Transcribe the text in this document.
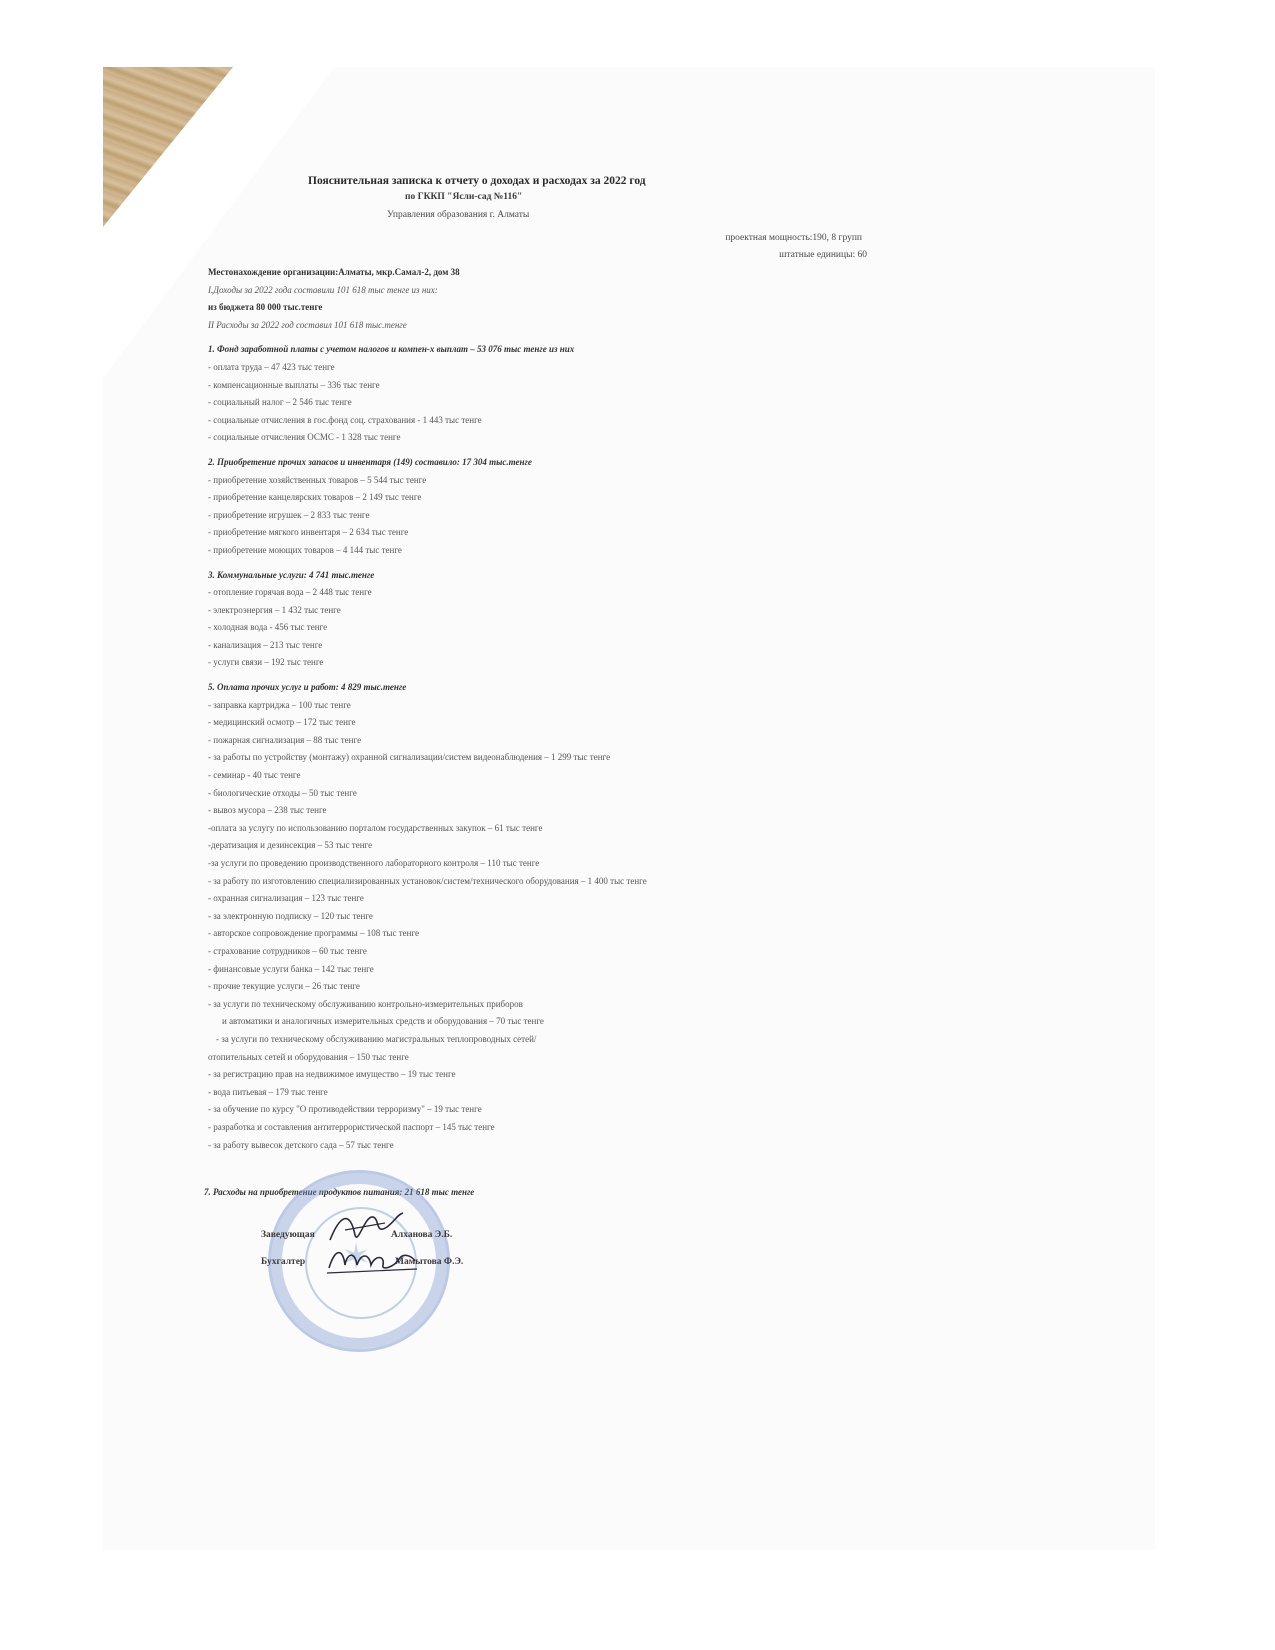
Пояснительная записка к отчету о доходах и расходах за 2022 год
по ГККП "Ясли-сад №116"
Управления образования г. Алматы
проектная мощность:190, 8 групп
штатные единицы: 60
Местонахождение организации:Алматы, мкр.Самал-2, дом 38
I.Доходы за 2022 года составили 101 618 тыс тенге из них:
из бюджета 80 000 тыс.тенге
II Расходы за 2022 год составил 101 618 тыс.тенге
1. Фонд заработной платы с учетом налогов и компен-х выплат – 53 076 тыс тенге из них
- оплата труда – 47 423 тыс тенге
- компенсационные выплаты – 336 тыс тенге
- социальный налог – 2 546 тыс тенге
- социальные отчисления в гос.фонд соц. страхования - 1 443 тыс тенге
- социальные отчисления ОСМС - 1 328 тыс тенге
2. Приобретение прочих запасов и инвентаря (149) составило: 17 304 тыс.тенге
- приобретение хозяйственных товаров – 5 544 тыс тенге
- приобретение канцелярских товаров – 2 149 тыс тенге
- приобретение игрушек – 2 833 тыс тенге
- приобретение мягкого инвентаря – 2 634 тыс тенге
- приобретение моющих товаров – 4 144 тыс тенге
3. Коммунальные услуги: 4 741 тыс.тенге
- отопление горячая вода – 2 448 тыс тенге
- электроэнергия – 1 432 тыс тенге
- холодная вода - 456 тыс тенге
- канализация – 213 тыс тенге
- услуги связи – 192 тыс тенге
5. Оплата прочих услуг и работ: 4 829 тыс.тенге
- заправка картриджа – 100 тыс тенге
- медицинский осмотр – 172 тыс тенге
- пожарная сигнализация – 88 тыс тенге
- за работы по устройству (монтажу) охранной сигнализации/систем видеонаблюдения – 1 299 тыс тенге
- семинар - 40 тыс тенге
- биологические отходы – 50 тыс тенге
- вывоз мусора – 238 тыс тенге
-оплата за услугу по использованию порталом государственных закупок – 61 тыс тенге
-дератизация и дезинсекция – 53 тыс тенге
-за услуги по проведению производственного лабораторного контроля – 110 тыс тенге
- за работу по изготовлению специализированных установок/систем/технического оборудования – 1 400 тыс тенге
- охранная сигнализация – 123 тыс тенге
- за электронную подписку – 120 тыс тенге
- авторское сопровождение программы – 108 тыс тенге
- страхование сотрудников – 60 тыс тенге
- финансовые услуги банка – 142 тыс тенге
- прочие текущие услуги – 26 тыс тенге
- за услуги по техническому обслуживанию контрольно-измерительных приборов
и автоматики и аналогичных измерительных средств и оборудования – 70 тыс тенге
- за услуги по техническому обслуживанию магистральных теплопроводных сетей/
отопительных сетей и оборудования – 150 тыс тенге
- за регистрацию прав на недвижимое имущество – 19 тыс тенге
- вода питьевая – 179 тыс тенге
- за обучение по курсу "О противодействии терроризму" – 19 тыс тенге
- разработка и составления антитеррористической паспорт – 145 тыс тенге
- за работу вывесок детского сада – 57 тыс тенге
7. Расходы на приобретение продуктов питания: 21 618 тыс тенге
✶
Заведующая	Алханова Э.Б.
Бухгалтер	Мамытова Ф.Э.
